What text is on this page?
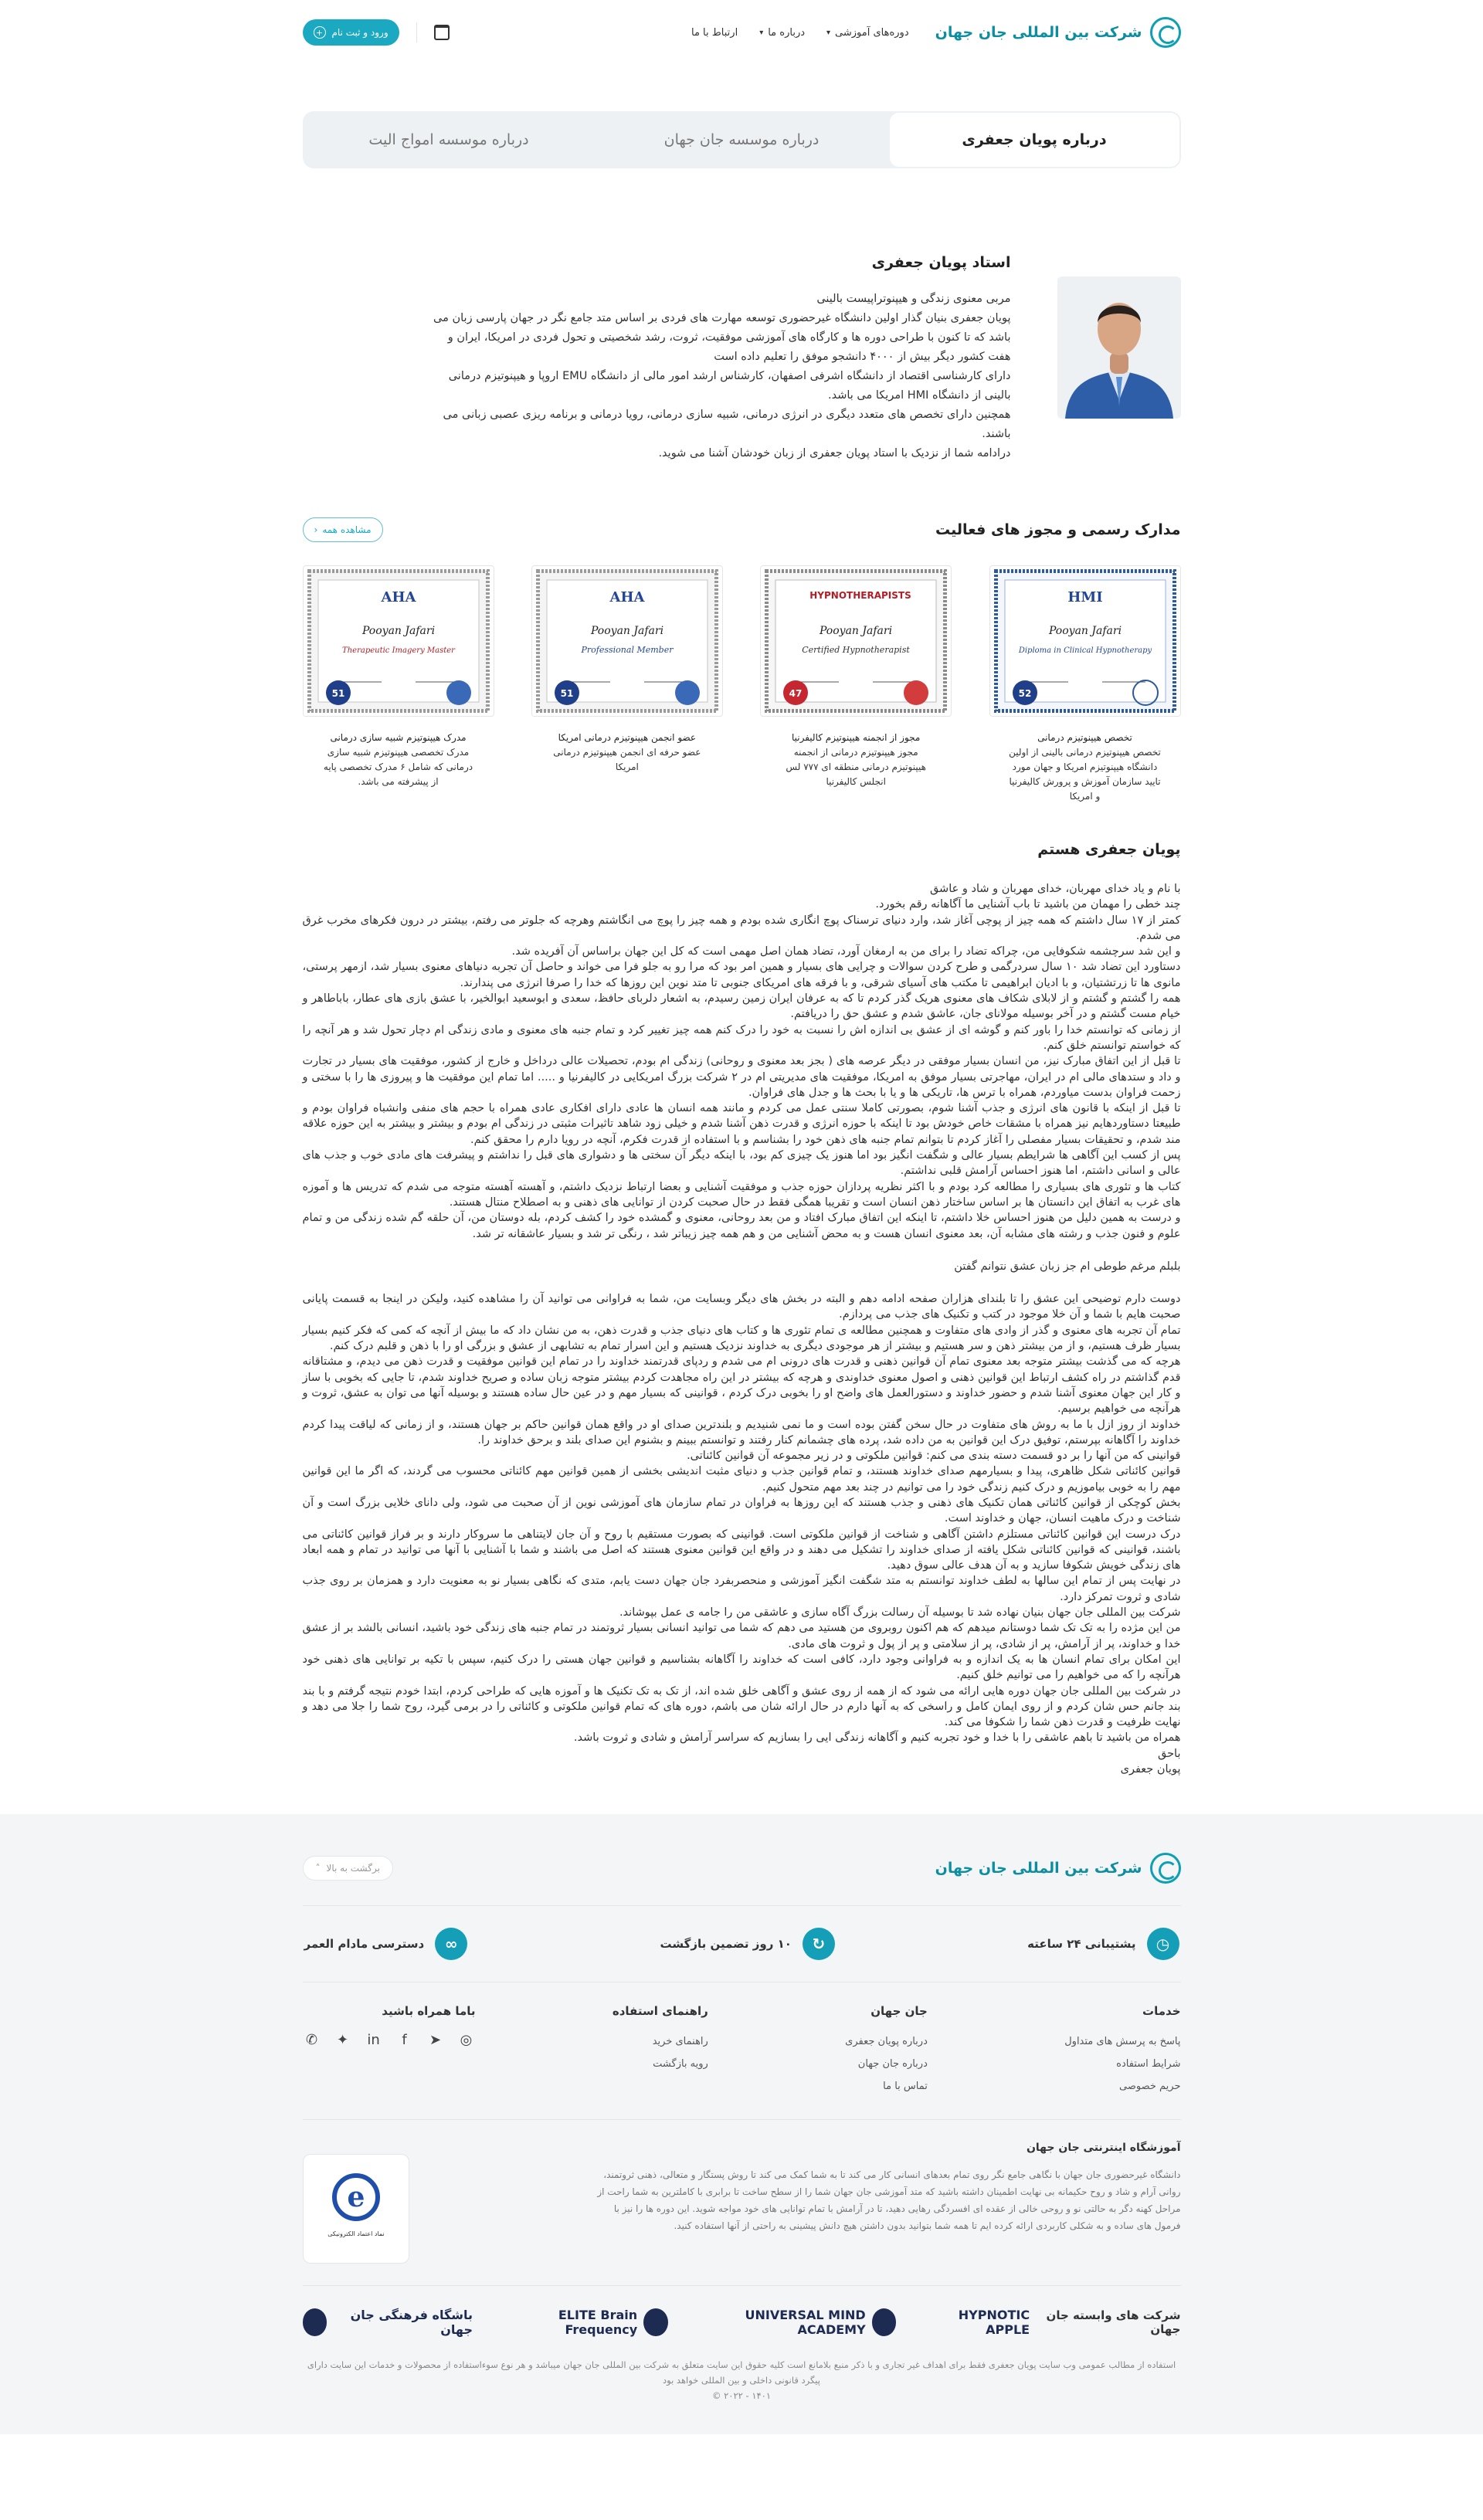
شرکت بین المللی جان جهان
دوره‌های آموزشی
▾
درباره ما
▾
ارتباط با ما
ورود و ثبت نام
+
درباره پویان جعفری
درباره موسسه جان جهان
درباره موسسه امواج الیت
استاد پویان جعفری

مربی معنوی زندگی و هیپنوتراپیست بالینی

پویان جعفری بنیان گذار اولین دانشگاه غیرحضوری توسعه مهارت های فردی بر اساس متد جامع نگر در جهان پارسی زبان می باشد که تا کنون با طراحی دوره ها و کارگاه های آموزشی موفقیت، ثروت، رشد شخصیتی و تحول فردی در امریکا، ایران و هفت کشور دیگر بیش از ۴۰۰۰ دانشجو موفق را تعلیم داده است

دارای کارشناسی اقتصاد از دانشگاه اشرفی اصفهان، کارشناس ارشد امور مالی از دانشگاه EMU اروپا و هیپنوتیزم درمانی بالینی از دانشگاه HMI امریکا می باشد.

همچنین دارای تخصص های متعدد دیگری در انرژی درمانی، شبیه سازی درمانی، رویا درمانی و برنامه ریزی عصبی زبانی می باشند.

درادامه شما از نزدیک با استاد پویان جعفری از زبان خودشان آشنا می شوید.

مدارک رسمی و مجوز های فعالیت
مشاهده همه
‹
HMI
Pooyan Jafari
Diploma in Clinical Hypnotherapy
52
تخصص هیپنوتیزم درمانی
تخصص هیپنوتیزم درمانی بالینی از اولین دانشگاه هیپنوتیزم امریکا و جهان مورد تایید سازمان آموزش و پرورش کالیفرنیا و امریکا
HYPNOTHERAPISTS
Pooyan Jafari
Certified Hypnotherapist
47
مجوز از انجمنه هیپنوتیزم کالیفرنیا
مجوز هیپنوتیزم درمانی از انجمنه هیپنوتیزم درمانی منطقه ای ۷۷۷ لس انجلس کالیفرنیا
AHA
Pooyan Jafari
Professional Member
51
عضو انجمن هیپنوتیزم درمانی امریکا
عضو حرفه ای انجمن هیپنوتیزم درمانی امریکا
AHA
Pooyan Jafari
Therapeutic Imagery Master
51
مدرک هیپنوتیزم شبیه سازی درمانی
مدرک تخصصی هیپنوتیزم شبیه سازی درمانی که شامل ۶ مدرک تخصصی پایه از پیشرفته می باشد.
پویان جعفری هستم

با نام و یاد خدای مهربان، خدای مهربان و شاد و عاشق

چند خطی را مهمان من باشید تا باب آشنایی ما آگاهانه رقم بخورد.

کمتر از ۱۷ سال داشتم که همه چیز از پوچی آغاز شد، وارد دنیای ترسناک پوچ انگاری شده بودم و همه چیز را پوچ می انگاشتم وهرچه که جلوتر می رفتم، بیشتر در درون فکرهای مخرب غرق می شدم.

و این شد سرچشمه شکوفایی من، چراکه تضاد را برای من به ارمغان آورد، تضاد همان اصل مهمی است که کل این جهان براساس آن آفریده شد.

دستاورد این تضاد شد ۱۰ سال سردرگمی و طرح کردن سوالات و چرایی های بسیار و همین امر بود که مرا رو به جلو فرا می خواند و حاصل آن تجربه دنیاهای معنوی بسیار شد، ازمهر پرستی، مانوی ها تا زرتشتیان، و با ادیان ابراهیمی تا مکتب های آسیای شرقی، و با فرقه های امریکای جنوبی تا متد نوین این روزها که خدا را صرفا انرژی می پندارند.

همه را گشتم و گشتم و از لابلای شکاف های معنوی هریک گذر کردم تا که به عرفان ایران زمین رسیدم، به اشعار دلربای حافظ، سعدی و ابوسعید ابوالخیر، با عشق بازی های عطار، باباطاهر و خیام مست گشتم و در آخر بوسیله مولانای جان، عاشق شدم و عشق حق را دریافتم.

از زمانی که توانستم خدا را باور کنم و گوشه ای از عشق بی اندازه اش را نسبت به خود را درک کنم همه چیز تغییر کرد و تمام جنبه های معنوی و مادی زندگی ام دچار تحول شد و هر آنچه را که خواستم توانستم خلق کنم.

تا قبل از این اتفاق مبارک نیز، من انسان بسیار موفقی در دیگر عرصه های ( بجز بعد معنوی و روحانی) زندگی ام بودم، تحصیلات عالی درداخل و خارج از کشور، موفقیت های بسیار در تجارت و داد و ستدهای مالی ام در ایران، مهاجرتی بسیار موفق به امریکا، موفقیت های مدیریتی ام در ۲ شرکت بزرگ امریکایی در کالیفرنیا و ..... اما تمام این موفقیت ها و پیروزی ها را با سختی و زحمت فراوان بدست میاوردم، همراه با ترس ها، تاریکی ها و یا با بحث ها و جدل های فراوان.

تا قبل از اینکه با قانون های انرژی و جذب آشنا شوم، بصورتی کاملا سنتی عمل می کردم و مانند همه انسان ها عادی دارای افکاری عادی همراه با حجم های منفی وانشباه فراوان بودم و طبیعتا دستاوردهایم نیز همراه با مشقات خاص خودش بود تا اینکه با حوزه انرژی و قدرت ذهن آشنا شدم و خیلی زود شاهد تاثیرات مثبتی در زندگی ام بودم و بیشتر و بیشتر به این حوزه علاقه مند شدم، و تحقیقات بسیار مفصلی را آغاز کردم تا بتوانم تمام جنبه های ذهن خود را بشناسم و با استفاده از قدرت فکرم، آنچه در رویا دارم را محقق کنم.

پس از کسب این آگاهی ها شرایطم بسیار عالی و شگفت انگیز بود اما هنوز یک چیزی کم بود، با اینکه دیگر آن سختی ها و دشواری های قبل را نداشتم و پیشرفت های مادی خوب و جذب های عالی و اسانی داشتم، اما هنوز احساس آرامش قلبی نداشتم.

کتاب ها و تئوری های بسیاری را مطالعه کرد بودم و با اکثر نظریه پردازان حوزه جذب و موفقیت آشنایی و بعضا ارتباط نزدیک داشتم، و آهسته آهسته متوجه می شدم که تدریس ها و آموزه های غرب به اتفاق این دانستان ها بر اساس ساختار ذهن انسان است و تقریبا همگی فقط در حال صحبت کردن از توانایی های ذهنی و به اصطلاح منتال هستند.

و درست به همین دلیل من هنوز احساس خلا داشتم، تا اینکه این اتفاق مبارک افتاد و من بعد روحانی، معنوی و گمشده خود را کشف کردم، بله دوستان من، آن حلقه گم شده زندگی من و تمام علوم و فنون جذب و رشته های مشابه آن، بعد معنوی انسان هست و به محض آشنایی من و هم همه چیز زیباتر شد ، رنگی تر شد و بسیار عاشقانه تر شد.

بلبلم مرغم طوطی ام جز زبان عشق نتوانم گفتن

دوست دارم توضیحی این عشق را تا بلندای هزاران صفحه ادامه دهم و البته در بخش های دیگر وبسایت من، شما به فراوانی می توانید آن را مشاهده کنید، ولیکن در اینجا به قسمت پایانی صحبت هایم با شما و آن خلا موجود در کتب و تکنیک های جذب می پردازم.

تمام آن تجربه های معنوی و گذر از وادی های متفاوت و همچنین مطالعه ی تمام تئوری ها و کتاب های دنیای جذب و قدرت ذهن، به من نشان داد که ما بیش از آنچه که کمی که فکر کنیم بسیار بسیار ظرف هستیم، و از من بیشتر ذهن و سر هستیم و بیشتر از هر موجودی دیگری به خداوند نزدیک هستیم و این اسرار تمام به تشابهی از عشق و بزرگی او را با ذهن و قلبم درک کنم.

هرچه که می گذشت بیشتر متوجه بعد معنوی تمام آن قوانین ذهنی و قدرت های درونی ام می شدم و ردپای قدرتمند خداوند را در تمام این قوانین موفقیت و قدرت ذهن می دیدم، و مشتاقانه قدم گذاشتم در راه کشف ارتباط این قوانین ذهنی و اصول معنوی خداوندی و هرچه که بیشتر در این راه مجاهدت کردم بیشتر متوجه زبان ساده و صریح خداوند شدم، تا جایی که بخوبی با ساز و کار این جهان معنوی آشنا شدم و حضور خداوند و دستورالعمل های واضح او را بخوبی درک کردم ، قوانینی که بسیار مهم و در عین حال ساده هستند و بوسیله آنها می توان به عشق، ثروت و هرآنچه می خواهیم برسیم.

خداوند از روز ازل با ما به روش های متفاوت در حال سخن گفتن بوده است و ما نمی شنیدیم و بلندترین صدای او در واقع همان قوانین حاکم بر جهان هستند، و از زمانی که لیاقت پیدا کردم خداوند را آگاهانه بپرستم، توفیق درک این قوانین به من داده شد، پرده های چشمانم کنار رفتند و توانستم ببینم و بشنوم این صدای بلند و برحق خداوند را.

قوانینی که من آنها را بر دو قسمت دسته بندی می کنم: قوانین ملکوتی و در زیر مجموعه آن قوانین کائناتی.

قوانین کائناتی شکل ظاهری، پیدا و بسیارمهم صدای خداوند هستند، و تمام قوانین جذب و دنیای مثبت اندیشی بخشی از همین قوانین مهم کائناتی محسوب می گردند، که اگر ما این قوانین مهم را به خوبی بیاموزیم و درک کنیم زندگی خود را می توانیم در چند بعد مهم متحول کنیم.

بخش کوچکی از قوانین کائناتی همان تکنیک های ذهنی و جذب هستند که این روزها به فراوان در تمام سازمان های آموزشی نوین از آن صحبت می شود، ولی دانای خلایی بزرگ است و آن شناخت و درک ماهیت انسان، جهان و خداوند است.

درک درست این قوانین کائناتی مستلزم داشتن آگاهی و شناخت از قوانین ملکوتی است. قوانینی که بصورت مستقیم با روح و آن جان لایتناهی ما سروکار دارند و بر فراز قوانین کائناتی می باشند، قوانینی که قوانین کائناتی شکل یافته از صدای خداوند را تشکیل می دهند و در واقع این قوانین معنوی هستند که اصل می باشند و شما با آشنایی با آنها می توانید در تمام و همه ابعاد های زندگی خویش شکوفا سازید و به آن هدف عالی سوق دهید.

در نهایت پس از تمام این سالها به لطف خداوند توانستم به متد شگفت انگیز آموزشی و منحصربفرد جان جهان دست یابم، متدی که نگاهی بسیار نو به معنویت دارد و همزمان بر روی جذب شادی و ثروت تمرکز دارد.

شرکت بین المللی جان جهان بنیان نهاده شد تا بوسیله آن رسالت بزرگ آگاه سازی و عاشقی من را جامه ی عمل بپوشاند.

من این مژده را به تک تک شما دوستانم میدهم که هم اکنون روبروی من هستید می دهم که شما می توانید انسانی بسیار ثروتمند در تمام جنبه های زندگی خود باشید، انسانی بالشد بر از عشق خدا و خداوند، پر از آرامش، پر از شادی، پر از سلامتی و پر از پول و ثروت های مادی.

این امکان برای تمام انسان ها به یک اندازه و به فراوانی وجود دارد، کافی است که خداوند را آگاهانه بشناسیم و قوانین جهان هستی را درک کنیم، سپس با تکیه بر توانایی های ذهنی خود هرآنچه را که می خواهیم را می توانیم خلق کنیم.

در شرکت بین المللی جان جهان دوره هایی ارائه می شود که از همه از روی عشق و آگاهی خلق شده اند، از تک به تک تکنیک ها و آموزه هایی که طراحی کردم، ابتدا خودم نتیجه گرفتم و با بند بند جانم حس شان کردم و از روی ایمان کامل و راسخی که به آنها دارم در حال ارائه شان می باشم، دوره های که تمام قوانین ملکوتی و کائناتی را در برمی گیرد، روح شما را جلا می دهد و نهایت ظرفیت و قدرت ذهن شما را شکوفا می کند.

همراه من باشید تا باهم عاشقی را با خدا و خود تجربه کنیم و آگاهانه زندگی ایی را بسازیم که سراسر آرامش و شادی و ثروت باشد.

باحق

پویان جعفری

شرکت بین المللی جان جهان
برگشت به بالا
˄
◷
پشتیبانی ۲۴ ساعته
↻
۱۰ روز تضمین بازگشت
∞
دسترسی مادام العمر
خدمات
پاسخ به پرسش های متداول
شرایط استفاده
حریم خصوصی
جان جهان
درباره پویان جعفری
درباره جان جهان
تماس با ما
راهنمای استفاده
راهنمای خرید
رویه بازگشت
باما همراه باشید
◎
➤
f
in
✦
✆
آموزشگاه اینترنتی جان جهان

دانشگاه غیرحضوری جان جهان با نگاهی جامع نگر روی تمام بعدهای انسانی کار می کند تا به شما کمک می کند تا روش پستگار و متعالی، ذهنی ثروتمند، روانی آرام و شاد و روح حکیمانه بی نهایت اطمینان داشته باشید که متد آموزشی جان جهان شما را از سطح ساخت تا برابری با کاملترین به شما راحت از مراحل کهنه دگر به حالتی نو و روحی خالی از عقده ای افسردگی رهایی دهید، تا در آرامش با تمام توانایی های خود مواجه شوید. این دوره ها را نیز با فرمول های ساده و به شکلی کاربردی ارائه کرده ایم تا همه شما بتوانید بدون داشتن هیچ دانش پیشینی به راحتی از آنها استفاده کنید.

e
نماد اعتماد الکترونیکی
شرکت های وابسته جان جهان
HYPNOTIC APPLE
UNIVERSAL MIND ACADEMY
ELITE Brain Frequency
باشگاه فرهنگی جان جهان
استفاده از مطالب عمومی وب سایت پویان جعفری فقط برای اهداف غیر تجاری و با ذکر منبع بلامانع است کلیه حقوق این سایت متعلق به شرکت بین المللی جان جهان میباشد و هر نوع سوءاستفاده از محصولات و خدمات این سایت دارای پیگرد قانونی داخلی و بین المللی خواهد بود
۱۴۰۱ - ۲۰۲۲ ©
